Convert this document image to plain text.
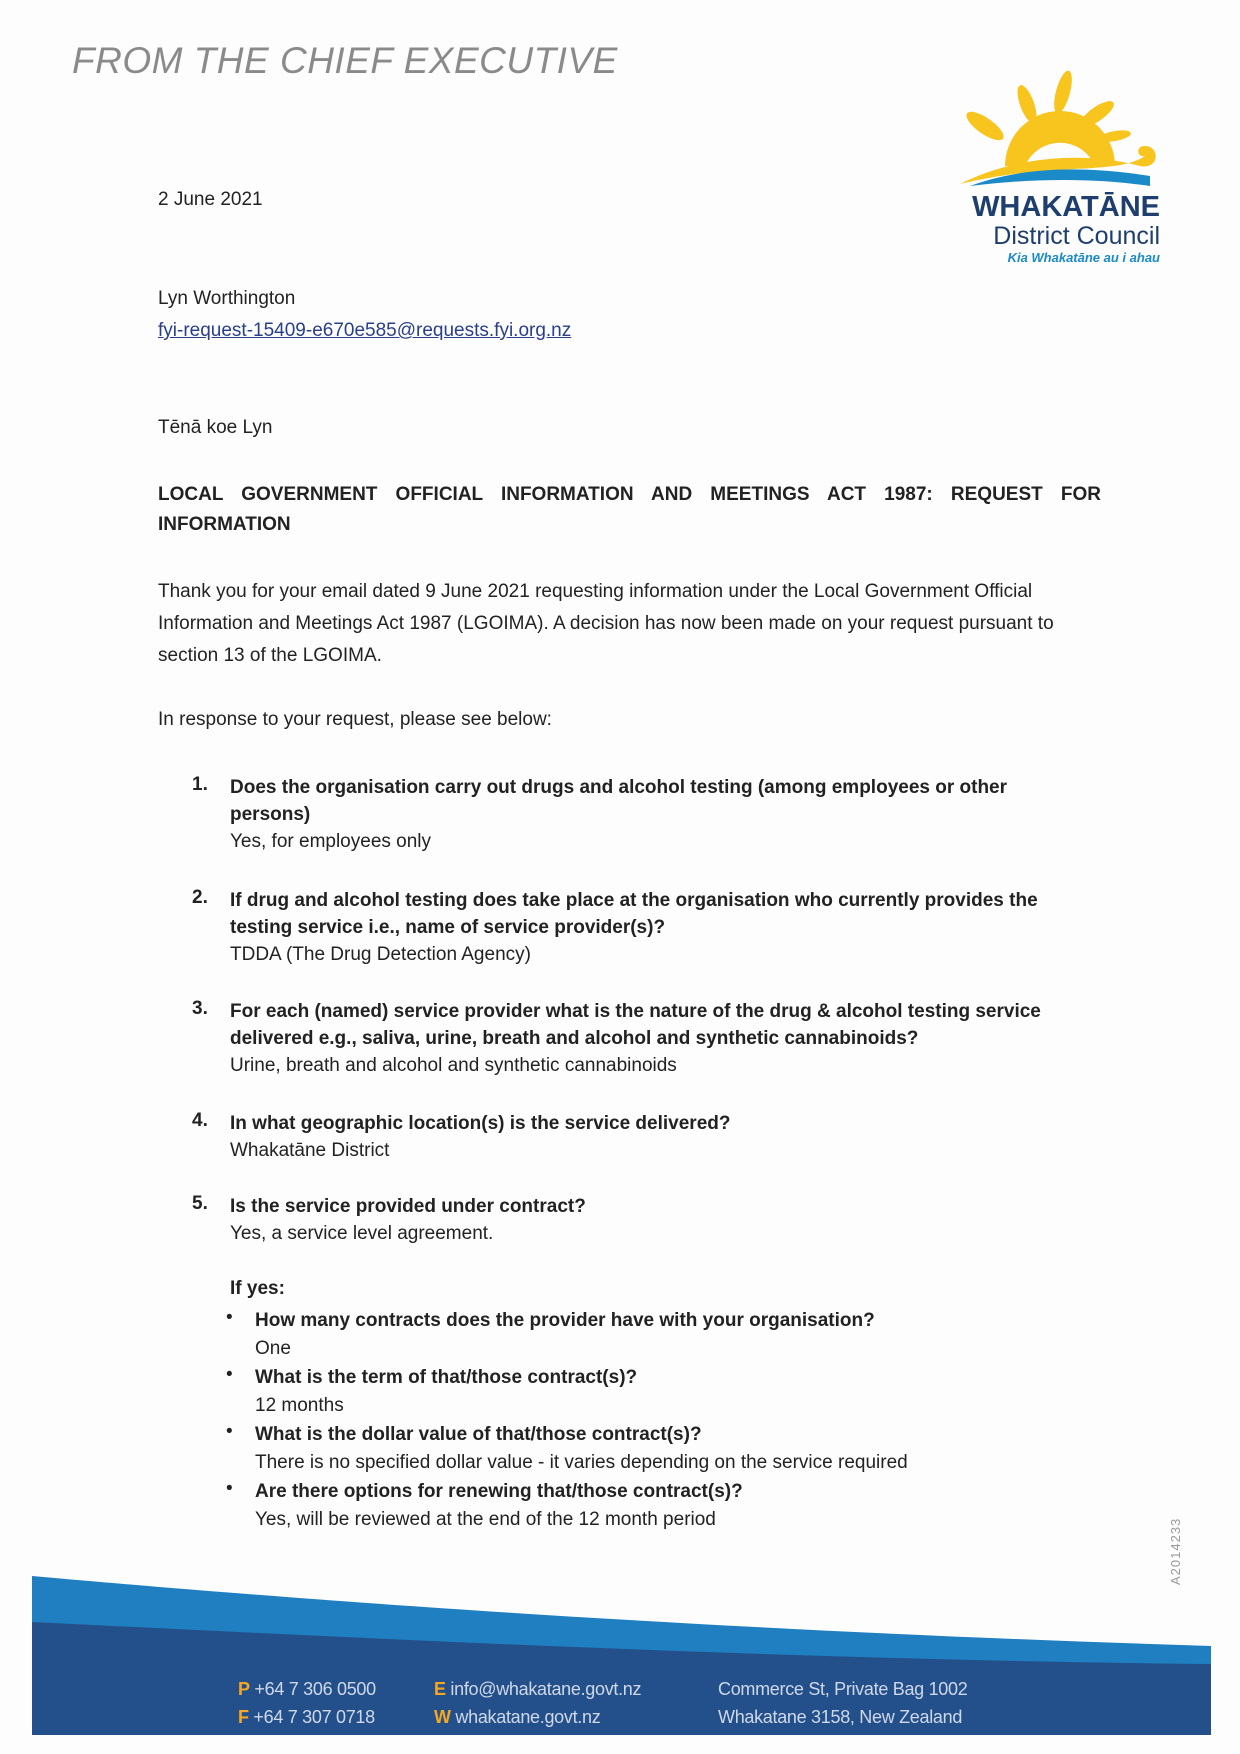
FROM THE CHIEF EXECUTIVE
WHAKATĀNE
District Council
Kia Whakatāne au i ahau
2 June 2021
Lyn Worthington
fyi-request-15409-e670e585@requests.fyi.org.nz
Tēnā koe Lyn
LOCAL GOVERNMENT OFFICIAL INFORMATION AND MEETINGS ACT 1987: REQUEST FOR INFORMATION
Thank you for your email dated 9 June 2021 requesting information under the Local Government Official Information and Meetings Act 1987 (LGOIMA). A decision has now been made on your request pursuant to section 13 of the LGOIMA.
In response to your request, please see below:
1. Does the organisation carry out drugs and alcohol testing (among employees or other persons)
Yes, for employees only
2. If drug and alcohol testing does take place at the organisation who currently provides the testing service i.e., name of service provider(s)?
TDDA (The Drug Detection Agency)
3. For each (named) service provider what is the nature of the drug & alcohol testing service delivered e.g., saliva, urine, breath and alcohol and synthetic cannabinoids?
Urine, breath and alcohol and synthetic cannabinoids
4. In what geographic location(s) is the service delivered?
Whakatāne District
5. Is the service provided under contract?
Yes, a service level agreement.
If yes:
• How many contracts does the provider have with your organisation?
One
• What is the term of that/those contract(s)?
12 months
• What is the dollar value of that/those contract(s)?
There is no specified dollar value - it varies depending on the service required
• Are there options for renewing that/those contract(s)?
Yes, will be reviewed at the end of the 12 month period	A2014233
P +64 7 306 0500
F +64 7 307 0718
E info@whakatane.govt.nz
W whakatane.govt.nz
Commerce St, Private Bag 1002
Whakatane 3158, New Zealand
